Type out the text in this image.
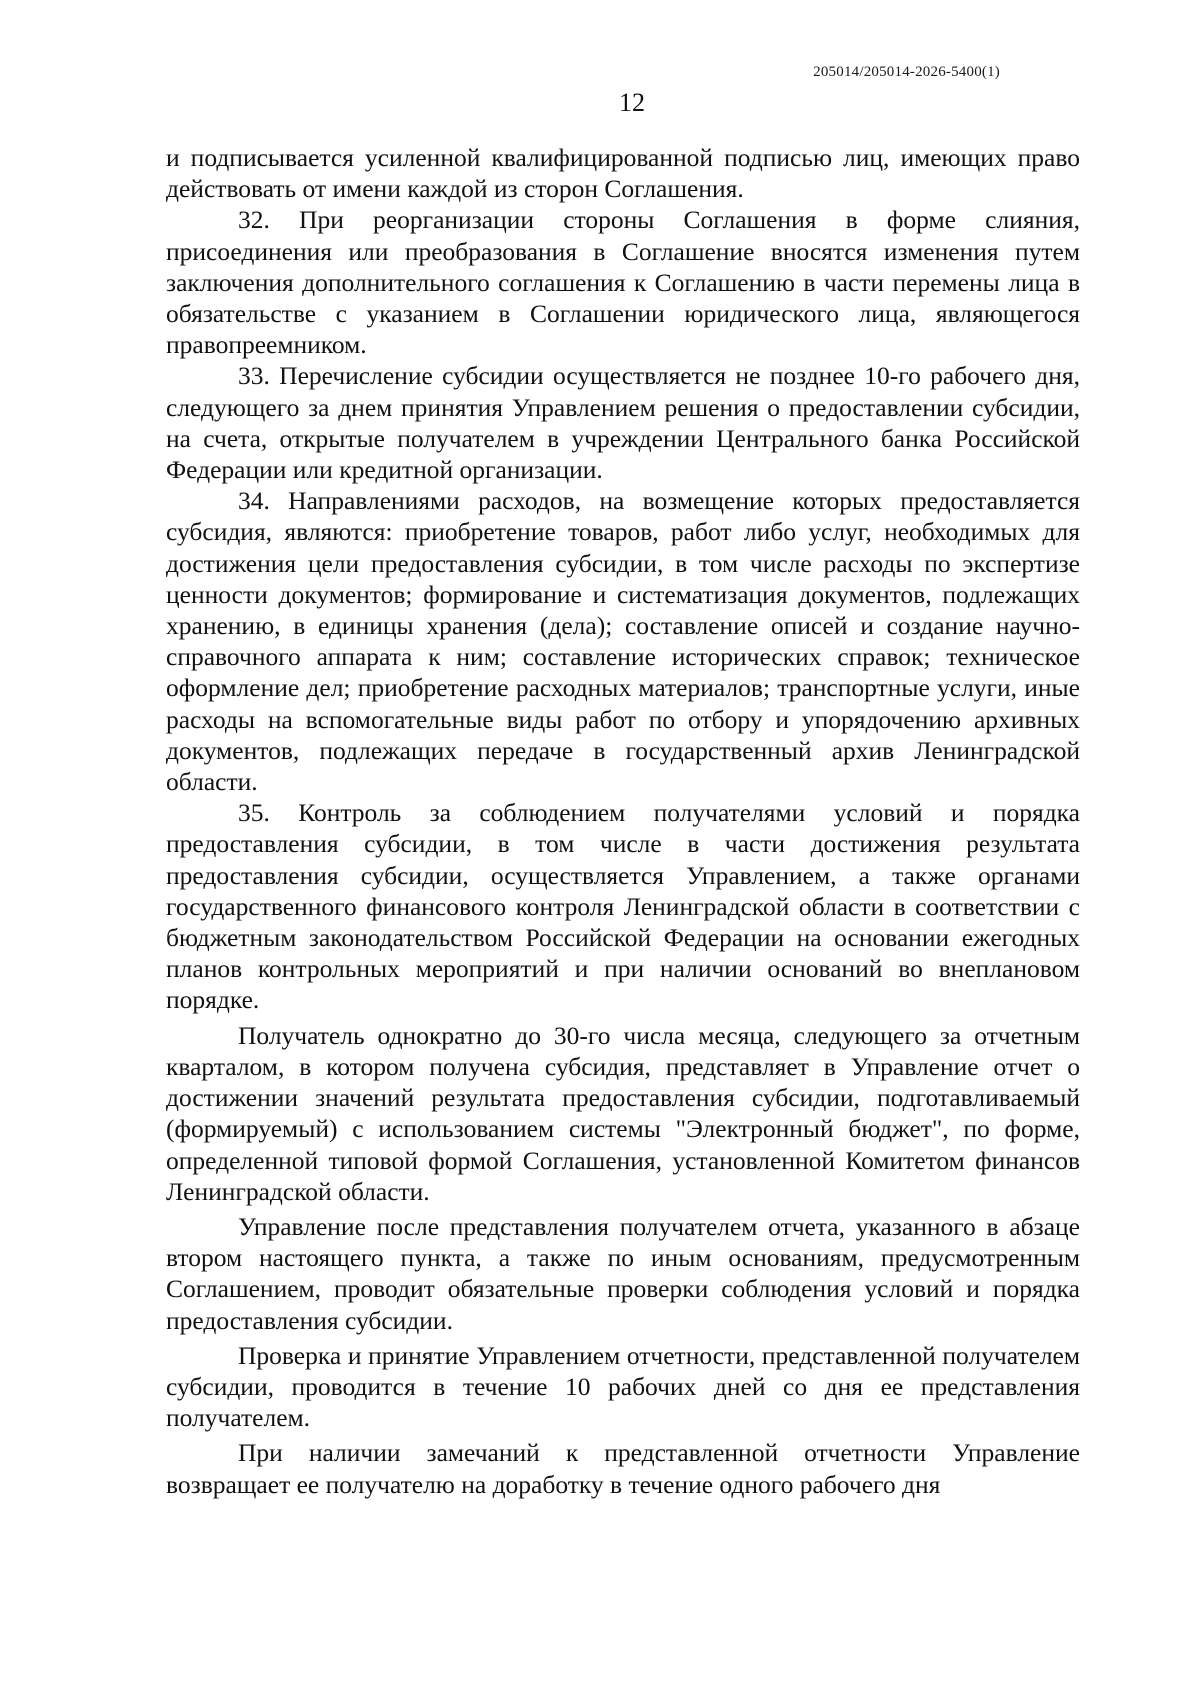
205014/205014-2026-5400(1)
12

и подписывается усиленной квалифицированной подписью лиц, имеющих право действовать от имени каждой из сторон Соглашения.

32. При реорганизации стороны Соглашения в форме слияния, присоединения или преобразования в Соглашение вносятся изменения путем заключения дополнительного соглашения к Соглашению в части перемены лица в обязательстве с указанием в Соглашении юридического лица, являющегося правопреемником.

33. Перечисление субсидии осуществляется не позднее 10-го рабочего дня, следующего за днем принятия Управлением решения о предоставлении субсидии, на счета, открытые получателем в учреждении Центрального банка Российской Федерации или кредитной организации.

34. Направлениями расходов, на возмещение которых предоставляется субсидия, являются: приобретение товаров, работ либо услуг, необходимых для достижения цели предоставления субсидии, в том числе расходы по экспертизе ценности документов; формирование и систематизация документов, подлежащих хранению, в единицы хранения (дела); составление описей и создание научно-справочного аппарата к ним; составление исторических справок; техническое оформление дел; приобретение расходных материалов; транспортные услуги, иные расходы на вспомогательные виды работ по отбору и упорядочению архивных документов, подлежащих передаче в государственный архив Ленинградской области.

35. Контроль за соблюдением получателями условий и порядка предоставления субсидии, в том числе в части достижения результата предоставления субсидии, осуществляется Управлением, а также органами государственного финансового контроля Ленинградской области в соответствии с бюджетным законодательством Российской Федерации на основании ежегодных планов контрольных мероприятий и при наличии оснований во внеплановом порядке.

Получатель однократно до 30-го числа месяца, следующего за отчетным кварталом, в котором получена субсидия, представляет в Управление отчет о достижении значений результата предоставления субсидии, подготавливаемый (формируемый) с использованием системы "Электронный бюджет", по форме, определенной типовой формой Соглашения, установленной Комитетом финансов Ленинградской области.

Управление после представления получателем отчета, указанного в абзаце втором настоящего пункта, а также по иным основаниям, предусмотренным Соглашением, проводит обязательные проверки соблюдения условий и порядка предоставления субсидии.

Проверка и принятие Управлением отчетности, представленной получателем субсидии, проводится в течение 10 рабочих дней со дня ее представления получателем.

При наличии замечаний к представленной отчетности Управление возвращает ее получателю на доработку в течение одного рабочего дня
